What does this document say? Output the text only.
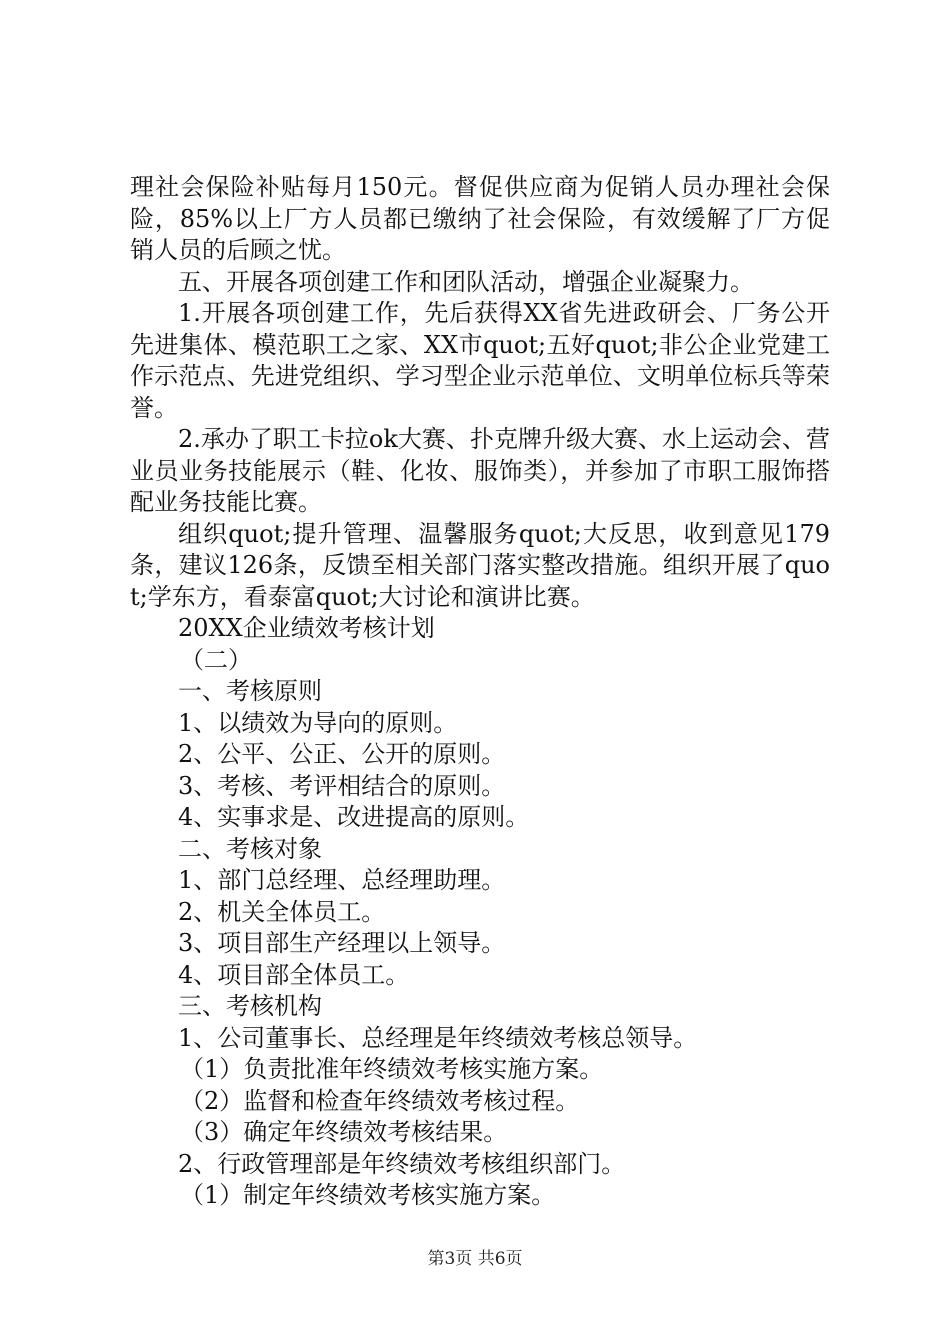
理社会保险补贴每月150元。督促供应商为促销人员办理社会保险，85%以上厂方人员都已缴纳了社会保险，有效缓解了厂方促销人员的后顾之忧。

五、开展各项创建工作和团队活动，增强企业凝聚力。

1.开展各项创建工作，先后获得XX省先进政研会、厂务公开先进集体、模范职工之家、XX市quot;五好quot;非公企业党建工作示范点、先进党组织、学习型企业示范单位、文明单位标兵等荣誉。

2.承办了职工卡拉ok大赛、扑克牌升级大赛、水上运动会、营业员业务技能展示（鞋、化妆、服饰类），并参加了市职工服饰搭配业务技能比赛。

组织quot;提升管理、温馨服务quot;大反思，收到意见179条，建议126条，反馈至相关部门落实整改措施。组织开展了quot;学东方，看泰富quot;大讨论和演讲比赛。

20XX企业绩效考核计划

（二）

一、考核原则

1、以绩效为导向的原则。

2、公平、公正、公开的原则。

3、考核、考评相结合的原则。

4、实事求是、改进提高的原则。

二、考核对象

1、部门总经理、总经理助理。

2、机关全体员工。

3、项目部生产经理以上领导。

4、项目部全体员工。

三、考核机构

1、公司董事长、总经理是年终绩效考核总领导。

（1）负责批准年终绩效考核实施方案。

（2）监督和检查年终绩效考核过程。

（3）确定年终绩效考核结果。

2、行政管理部是年终绩效考核组织部门。

（1）制定年终绩效考核实施方案。

第3页 共6页
